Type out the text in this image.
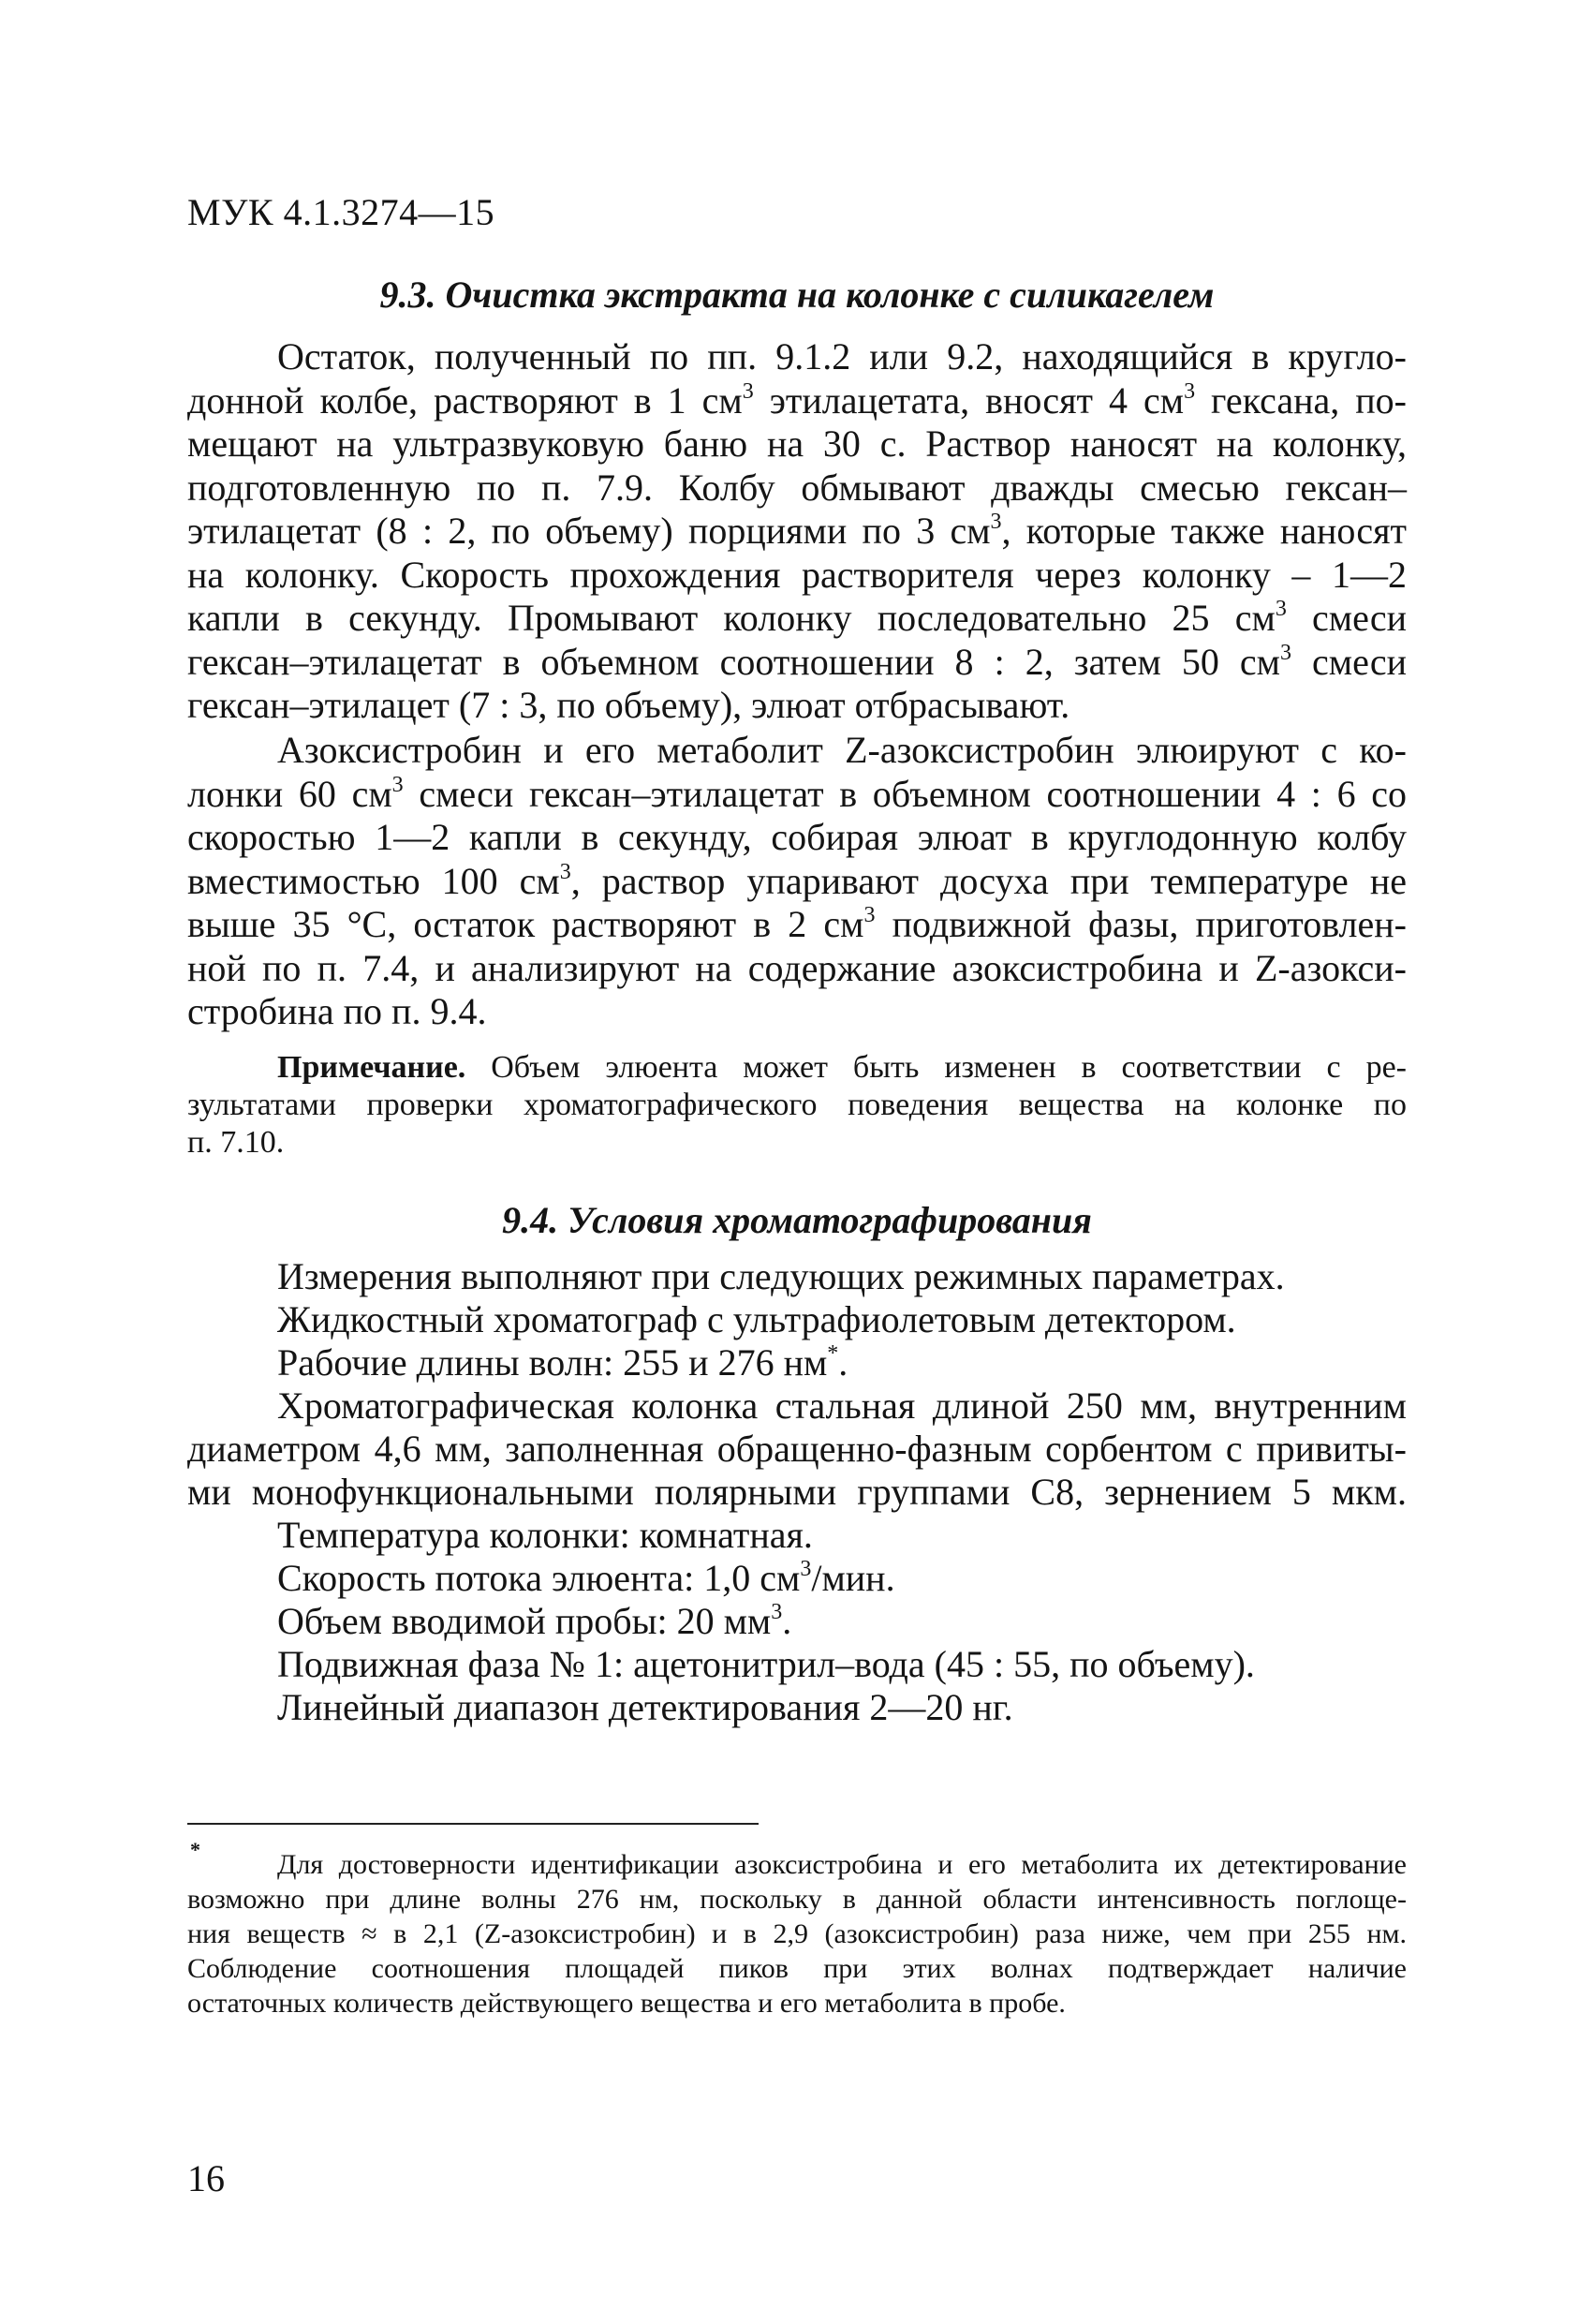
МУК 4.1.3274—15
9.3. Очистка экстракта на колонке с силикагелем
Остаток, полученный по пп. 9.1.2 или 9.2, находящийся в кругло-
донной колбе, растворяют в 1 $см^3$ этилацетата, вносят 4 $см^3$ гексана, по-
мещают на ультразвуковую баню на 30 с. Раствор наносят на колонку,
подготовленную по п. 7.9. Колбу обмывают дважды смесью гексан–
этилацетат (8 : 2, по объему) порциями по 3 $см^3$, которые также наносят
на колонку. Скорость прохождения растворителя через колонку – 1—2
капли в секунду. Промывают колонку последовательно 25 $см^3$ смеси
гексан–этилацетат в объемном соотношении 8 : 2, затем 50 $см^3$ смеси
гексан–этилацет (7 : 3, по объему), элюат отбрасывают.
Азоксистробин и его метаболит Z-азоксистробин элюируют с ко-
лонки 60 $см^3$ смеси гексан–этилацетат в объемном соотношении 4 : 6 со
скоростью 1—2 капли в секунду, собирая элюат в круглодонную колбу
вместимостью 100 $см^3$, раствор упаривают досуха при температуре не
выше 35 °С, остаток растворяют в 2 $см^3$ подвижной фазы, приготовлен-
ной по п. 7.4, и анализируют на содержание азоксистробина и Z-азокси-
стробина по п. 9.4.
Примечание. Объем элюента может быть изменен в соответствии с ре-
зультатами проверки хроматографического поведения вещества на колонке по
п. 7.10.
9.4. Условия хроматографирования
Измерения выполняют при следующих режимных параметрах.
Жидкостный хроматограф с ультрафиолетовым детектором.
Рабочие длины волн: 255 и 276 нм*.
Хроматографическая колонка стальная длиной 250 мм, внутренним
диаметром 4,6 мм, заполненная обращенно-фазным сорбентом с привиты-
ми монофункциональными полярными группами С8, зернением 5 мкм.
Температура колонки: комнатная.
Скорость потока элюента: 1,0 $см^3$/мин.
Объем вводимой пробы: 20 $мм^3$.
Подвижная фаза № 1: ацетонитрил–вода (45 : 55, по объему).
Линейный диапазон детектирования 2—20 нг.
*	Для достоверности идентификации азоксистробина и его метаболита их детектирование
возможно при длине волны 276 нм, поскольку в данной области интенсивность поглоще-
ния веществ ≈ в 2,1 (Z-азоксистробин) и в 2,9 (азоксистробин) раза ниже, чем при 255 нм.
Соблюдение соотношения площадей пиков при этих волнах подтверждает наличие
остаточных количеств действующего вещества и его метаболита в пробе.
16
